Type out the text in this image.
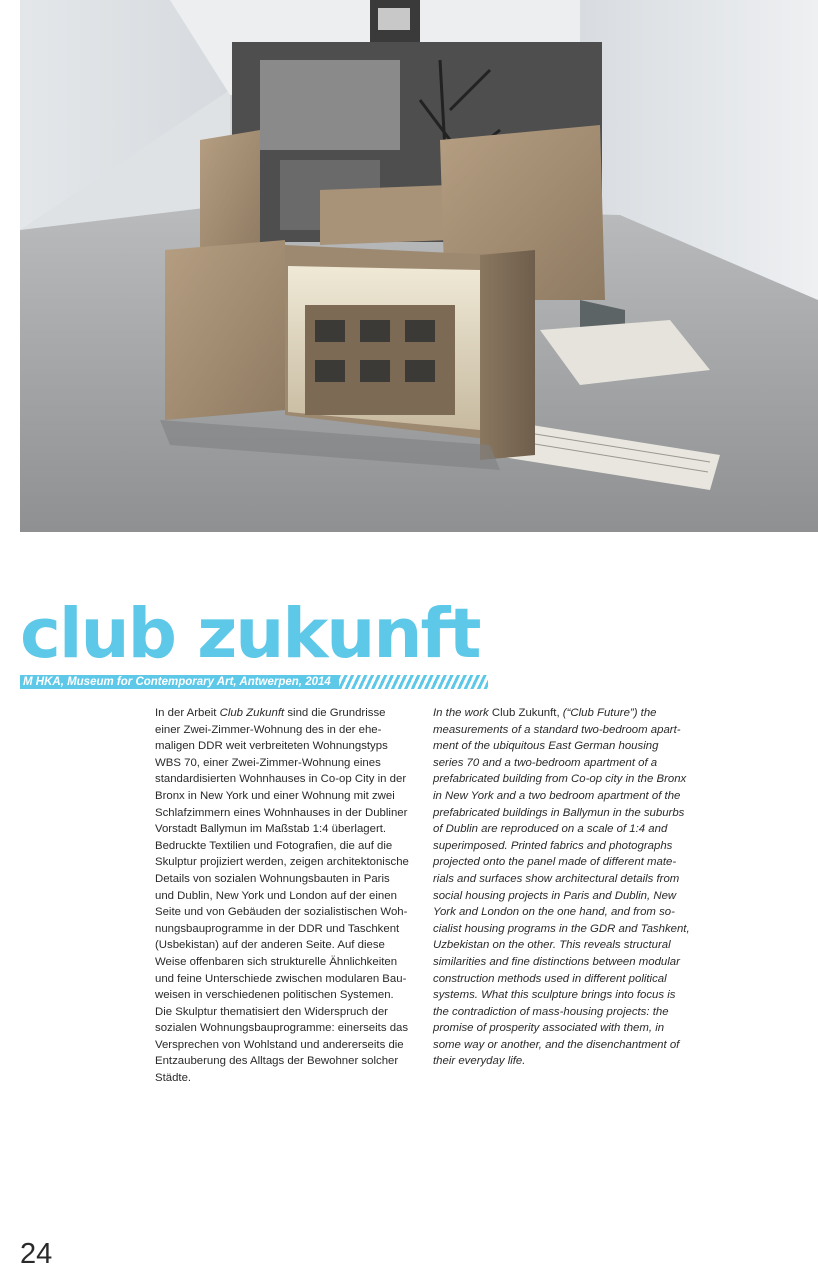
club zukunft
M HKA, Museum for Contemporary Art, Antwerpen, 2014
In der Arbeit Club Zukunft sind die Grundrisse
einer Zwei-Zimmer-Wohnung des in der ehe-
maligen DDR weit verbreiteten Wohnungstyps
WBS 70, einer Zwei-Zimmer-Wohnung eines
standardisierten Wohnhauses in Co-op City in der
Bronx in New York und einer Wohnung mit zwei
Schlafzimmern eines Wohnhauses in der Dubliner
Vorstadt Ballymun im Maßstab 1:4 überlagert.
Bedruckte Textilien und Fotografien, die auf die
Skulptur projiziert werden, zeigen architektonische
Details von sozialen Wohnungsbauten in Paris
und Dublin, New York und London auf der einen
Seite und von Gebäuden der sozialistischen Woh-
nungsbauprogramme in der DDR und Taschkent
(Usbekistan) auf der anderen Seite. Auf diese
Weise offenbaren sich strukturelle Ähnlichkeiten
und feine Unterschiede zwischen modularen Bau-
weisen in verschiedenen politischen Systemen.
Die Skulptur thematisiert den Widerspruch der
sozialen Wohnungsbauprogramme: einerseits das
Versprechen von Wohlstand und andererseits die
Entzauberung des Alltags der Bewohner solcher
Städte.
In the work Club Zukunft, (“Club Future”) the
measurements of a standard two-bedroom apart-
ment of the ubiquitous East German housing
series 70 and a two-bedroom apartment of a
prefabricated building from Co-op city in the Bronx
in New York and a two bedroom apartment of the
prefabricated buildings in Ballymun in the suburbs
of Dublin are reproduced on a scale of 1:4 and
superimposed. Printed fabrics and photographs
projected onto the panel made of different mate-
rials and surfaces show architectural details from
social housing projects in Paris and Dublin, New
York and London on the one hand, and from so-
cialist housing programs in the GDR and Tashkent,
Uzbekistan on the other. This reveals structural
similarities and fine distinctions between modular
construction methods used in different political
systems. What this sculpture brings into focus is
the contradiction of mass-housing projects: the
promise of prosperity associated with them, in
some way or another, and the disenchantment of
their everyday life.

24
